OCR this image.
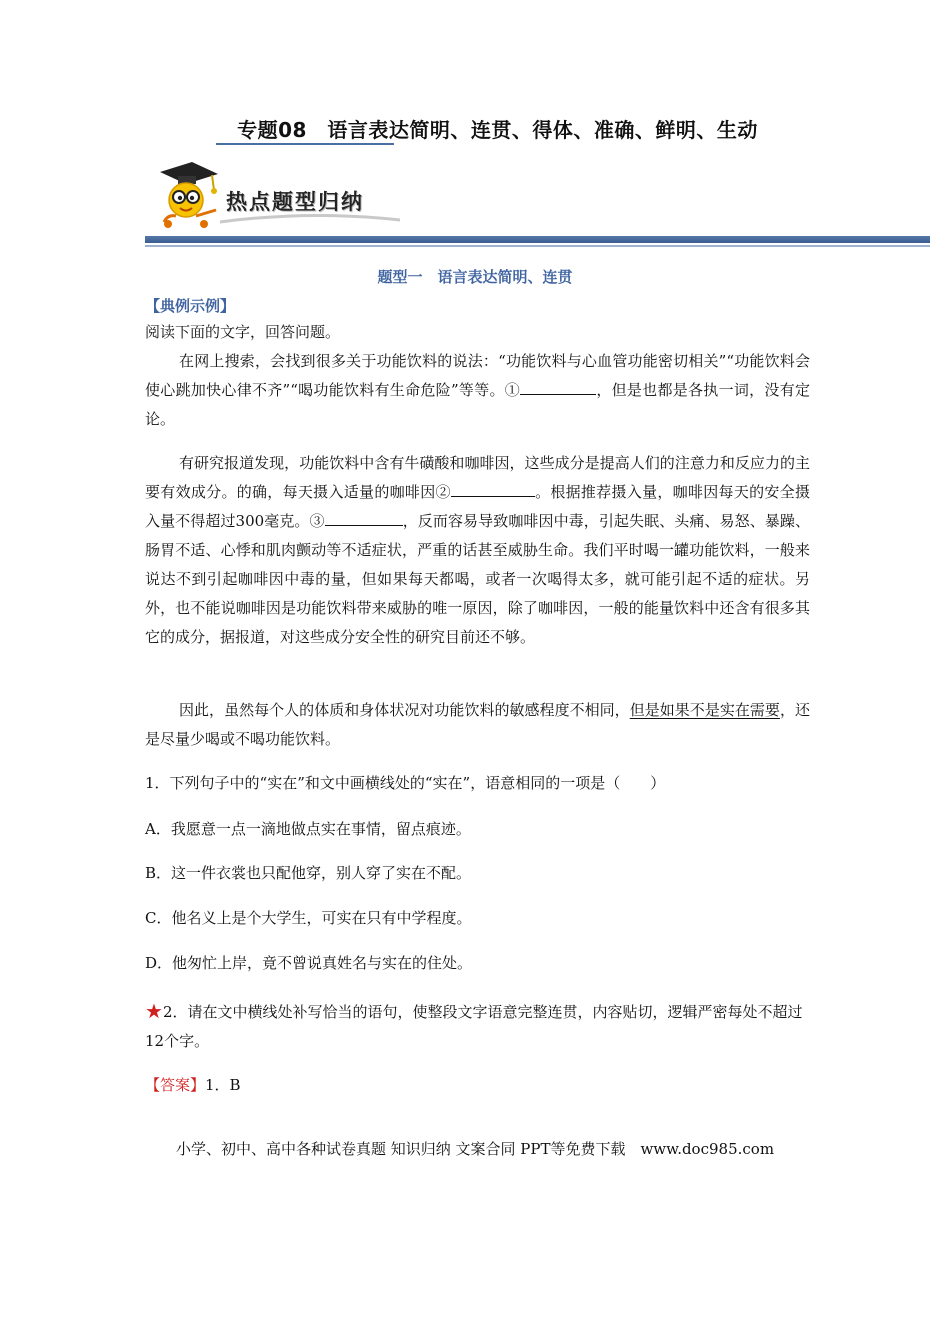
专题08　语言表达简明、连贯、得体、准确、鲜明、生动
热点题型归纳
题型一　语言表达简明、连贯
【典例示例】
阅读下面的文字，回答问题。
在网上搜索，会找到很多关于功能饮料的说法：“功能饮料与心血管功能密切相关”“功能饮料会使心跳加快心律不齐”“喝功能饮料有生命危险”等等。①	，但是也都是各执一词，没有定论。
有研究报道发现，功能饮料中含有牛磺酸和咖啡因，这些成分是提高人们的注意力和反应力的主要有效成分。的确，每天摄入适量的咖啡因②	。根据推荐摄入量，咖啡因每天的安全摄入量不得超过300毫克。③	，反而容易导致咖啡因中毒，引起失眠、头痛、易怒、暴躁、肠胃不适、心悸和肌肉颤动等不适症状，严重的话甚至威胁生命。我们平时喝一罐功能饮料，一般来说达不到引起咖啡因中毒的量，但如果每天都喝，或者一次喝得太多，就可能引起不适的症状。另外，也不能说咖啡因是功能饮料带来威胁的唯一原因，除了咖啡因，一般的能量饮料中还含有很多其它的成分，据报道，对这些成分安全性的研究目前还不够。
因此，虽然每个人的体质和身体状况对功能饮料的敏感程度不相同，但是如果不是实在需要，还是尽量少喝或不喝功能饮料。
1．下列句子中的“实在”和文中画横线处的“实在”，语意相同的一项是（　　）
A．我愿意一点一滴地做点实在事情，留点痕迹。
B．这一件衣裳也只配他穿，别人穿了实在不配。
C．他名义上是个大学生，可实在只有中学程度。
D．他匆忙上岸，竟不曾说真姓名与实在的住处。
★2．请在文中横线处补写恰当的语句，使整段文字语意完整连贯，内容贴切，逻辑严密每处不超过12个字。
【答案】1．B
小学、初中、高中各种试卷真题 知识归纳 文案合同 PPT等免费下载　www.doc985.com
